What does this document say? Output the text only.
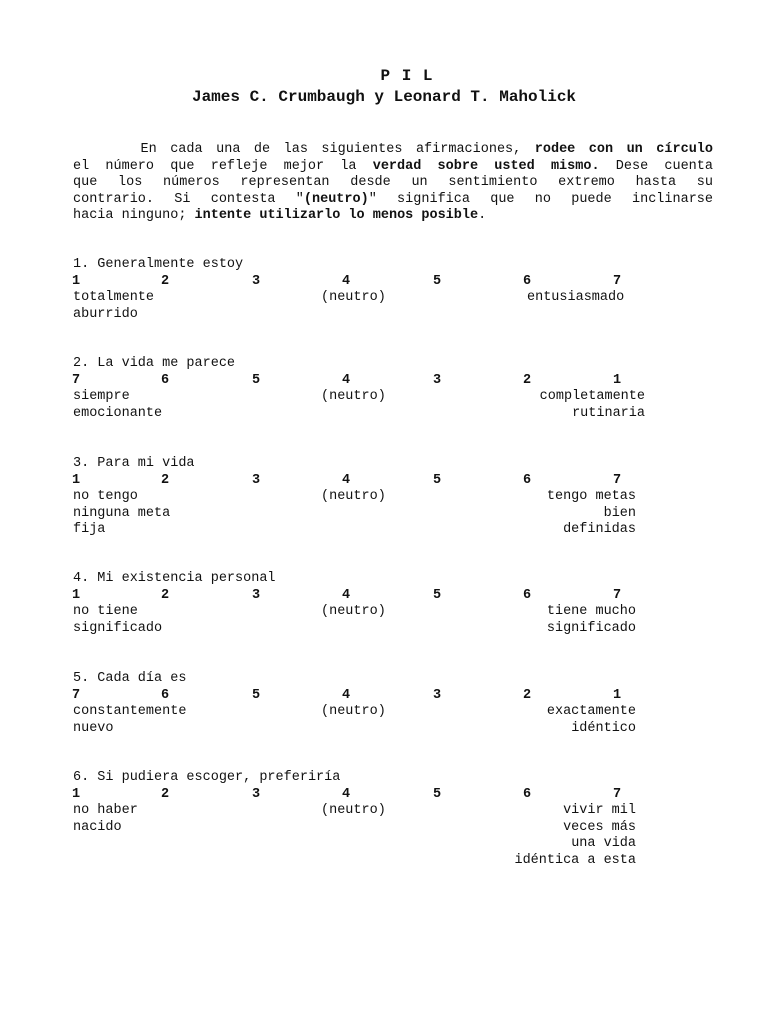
P I L
James C. Crumbaugh y Leonard T. Maholick
En cada una de las siguientes afirmaciones, rodee con un círculo
el número que refleje mejor la verdad sobre usted mismo. Dese cuenta
que los números representan desde un sentimiento extremo hasta su
contrario. Si contesta "(neutro)" significa que no puede inclinarse
hacia ninguno; intente utilizarlo lo menos posible.
1. Generalmente estoy
1	2	3	4	5	6	7
totalmente
aburrido
(neutro)	entusiasmado
2. La vida me parece
7	6	5	4	3	2	1
siempre
emocionante
(neutro)	completamente
rutinaria
3. Para mi vida
1	2	3	4	5	6	7
no tengo
ninguna meta
fija
(neutro)	tengo metas
bien
definidas
4. Mi existencia personal
1	2	3	4	5	6	7
no tiene
significado
(neutro)	tiene mucho
significado
5. Cada día es
7	6	5	4	3	2	1
constantemente
nuevo
(neutro)	exactamente
idéntico
6. Si pudiera escoger, preferiría
1	2	3	4	5	6	7
no haber
nacido
(neutro)	vivir mil
veces más
una vida
idéntica a esta
